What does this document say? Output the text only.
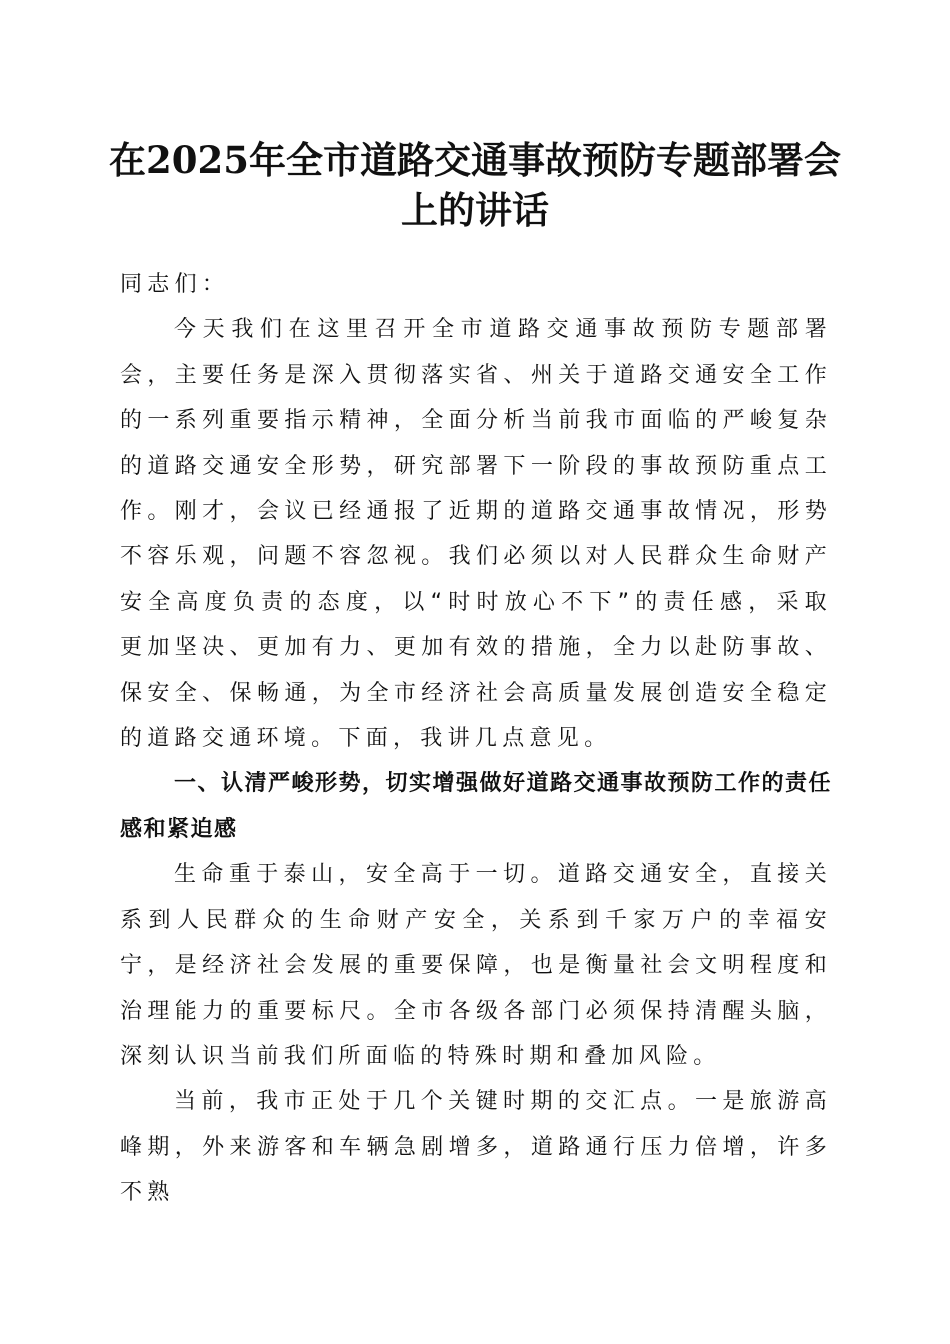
在2025年全市道路交通事故预防专题部署会上的讲话

同志们：

今天我们在这里召开全市道路交通事故预防专题部署会，主要任务是深入贯彻落实省、州关于道路交通安全工作的一系列重要指示精神，全面分析当前我市面临的严峻复杂的道路交通安全形势，研究部署下一阶段的事故预防重点工作。刚才，会议已经通报了近期的道路交通事故情况，形势不容乐观，问题不容忽视。我们必须以对人民群众生命财产安全高度负责的态度，以“时时放心不下”的责任感，采取更加坚决、更加有力、更加有效的措施，全力以赴防事故、保安全、保畅通，为全市经济社会高质量发展创造安全稳定的道路交通环境。下面，我讲几点意见。

一、认清严峻形势，切实增强做好道路交通事故预防工作的责任感和紧迫感

生命重于泰山，安全高于一切。道路交通安全，直接关系到人民群众的生命财产安全，关系到千家万户的幸福安宁，是经济社会发展的重要保障，也是衡量社会文明程度和治理能力的重要标尺。全市各级各部门必须保持清醒头脑，深刻认识当前我们所面临的特殊时期和叠加风险。

当前，我市正处于几个关键时期的交汇点。一是旅游高峰期，外来游客和车辆急剧增多，道路通行压力倍增，许多不熟
